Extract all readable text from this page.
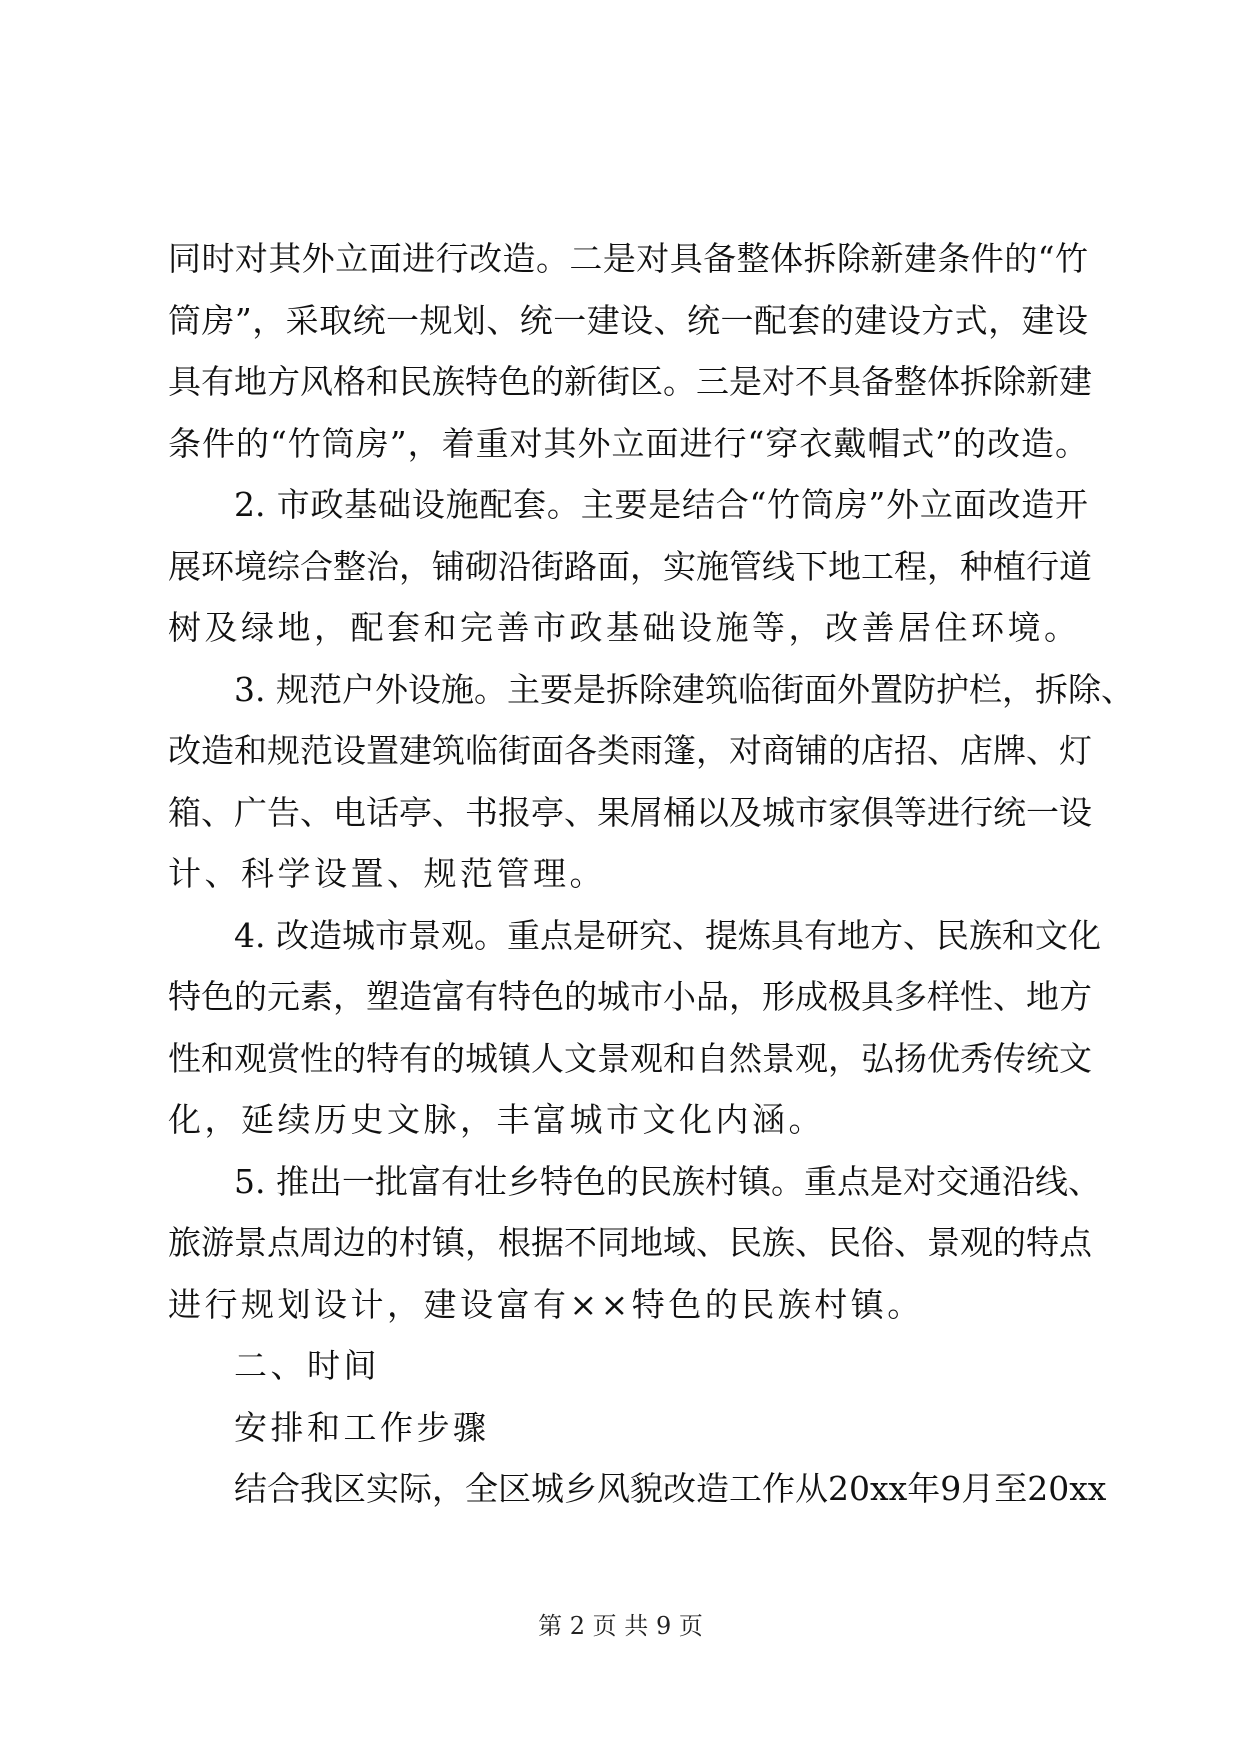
同时对其外立面进行改造。二是对具备整体拆除新建条件的“竹
筒房”，采取统一规划、统一建设、统一配套的建设方式，建设
具有地方风格和民族特色的新街区。三是对不具备整体拆除新建
条件的“竹筒房”，着重对其外立面进行“穿衣戴帽式”的改造。
2. 市政基础设施配套。主要是结合“竹筒房”外立面改造开
展环境综合整治，铺砌沿街路面，实施管线下地工程，种植行道
树及绿地，配套和完善市政基础设施等，改善居住环境。
3. 规范户外设施。主要是拆除建筑临街面外置防护栏，拆除、
改造和规范设置建筑临街面各类雨篷，对商铺的店招、店牌、灯
箱、广告、电话亭、书报亭、果屑桶以及城市家俱等进行统一设
计、科学设置、规范管理。
4. 改造城市景观。重点是研究、提炼具有地方、民族和文化
特色的元素，塑造富有特色的城市小品，形成极具多样性、地方
性和观赏性的特有的城镇人文景观和自然景观，弘扬优秀传统文
化，延续历史文脉，丰富城市文化内涵。
5. 推出一批富有壮乡特色的民族村镇。重点是对交通沿线、
旅游景点周边的村镇，根据不同地域、民族、民俗、景观的特点
进行规划设计，建设富有××特色的民族村镇。
二、时间
安排和工作步骤
结合我区实际，全区城乡风貌改造工作从20xx年9月至20xx
第 2 页 共 9 页
